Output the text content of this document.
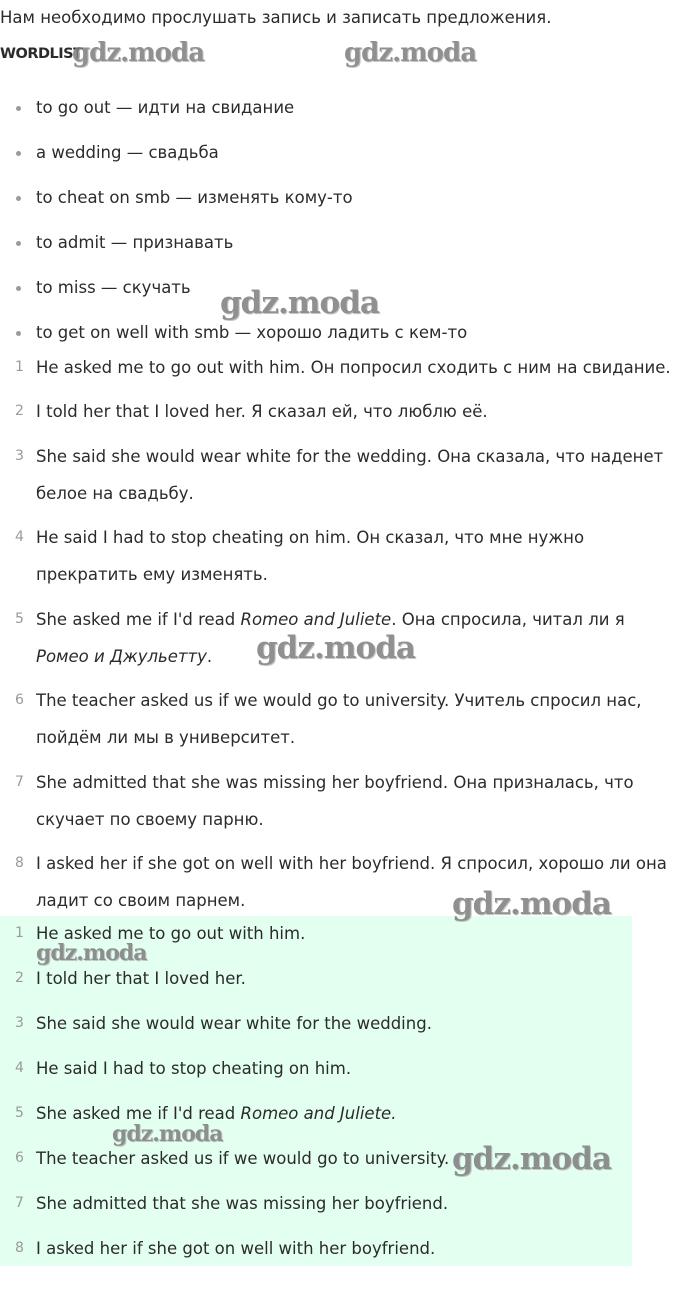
Нам необходимо прослушать запись и записать предложения.

WORDLIST
to go out — идти на свидание
a wedding — свадьба
to cheat on smb — изменять кому-то
to admit — признавать
to miss — скучать
to get on well with smb — хорошо ладить с кем-то
1 He asked me to go out with him. Он попросил сходить с ним на свидание.
2 I told her that I loved her. Я сказал ей, что люблю её.
3 She said she would wear white for the wedding. Она сказала, что наденет белое на свадьбу.
4 He said I had to stop cheating on him. Он сказал, что мне нужно прекратить ему изменять.
5 She asked me if I'd read Romeo and Juliete. Она спросила, читал ли я Ромео и Джульетту.
6 The teacher asked us if we would go to university. Учитель спросил нас, пойдём ли мы в университет.
7 She admitted that she was missing her boyfriend. Она призналась, что скучает по своему парню.
8 I asked her if she got on well with her boyfriend. Я спросил, хорошо ли она ладит со своим парнем.
1 He asked me to go out with him.
2 I told her that I loved her.
3 She said she would wear white for the wedding.
4 He said I had to stop cheating on him.
5 She asked me if I'd read Romeo and Juliete.
6 The teacher asked us if we would go to university.
7 She admitted that she was missing her boyfriend.
8 I asked her if she got on well with her boyfriend.
gdz.moda	gdz.moda
gdz.moda
gdz.moda
gdz.moda
gdz.moda
gdz.moda
gdz.moda
